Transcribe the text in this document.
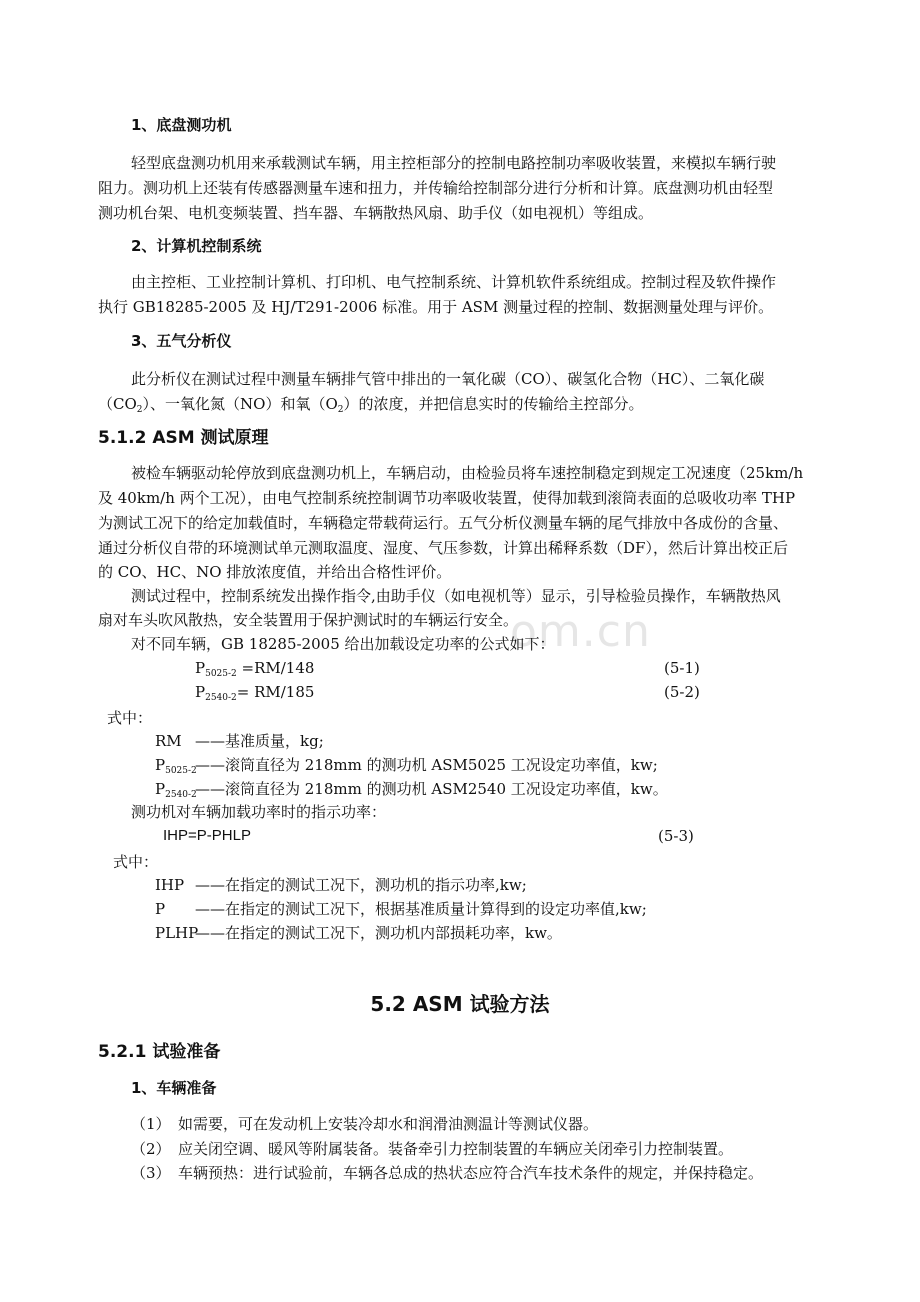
om.cn
1、底盘测功机
轻型底盘测功机用来承载测试车辆，用主控柜部分的控制电路控制功率吸收装置，来模拟车辆行驶
阻力。测功机上还装有传感器测量车速和扭力，并传输给控制部分进行分析和计算。底盘测功机由轻型
测功机台架、电机变频装置、挡车器、车辆散热风扇、助手仪（如电视机）等组成。
2、计算机控制系统
由主控柜、工业控制计算机、打印机、电气控制系统、计算机软件系统组成。控制过程及软件操作
执行 GB18285-2005 及 HJ/T291-2006 标准。用于 ASM 测量过程的控制、数据测量处理与评价。
3、五气分析仪
此分析仪在测试过程中测量车辆排气管中排出的一氧化碳（CO）、碳氢化合物（HC）、二氧化碳
$(CO_2)$、一氧化氮（NO）和氧$(O_2)$的浓度，并把信息实时的传输给主控部分。
5.1.2 ASM 测试原理
被检车辆驱动轮停放到底盘测功机上，车辆启动，由检验员将车速控制稳定到规定工况速度（25km/h
及 40km/h 两个工况），由电气控制系统控制调节功率吸收装置，使得加载到滚筒表面的总吸收功率 THP
为测试工况下的给定加载值时，车辆稳定带载荷运行。五气分析仪测量车辆的尾气排放中各成份的含量、
通过分析仪自带的环境测试单元测取温度、湿度、气压参数，计算出稀释系数（DF），然后计算出校正后
的 CO、HC、NO 排放浓度值，并给出合格性评价。
测试过程中，控制系统发出操作指令,由助手仪（如电视机等）显示，引导检验员操作，车辆散热风
扇对车头吹风散热，安全装置用于保护测试时的车辆运行安全。
对不同车辆，GB 18285-2005 给出加载设定功率的公式如下：
$P_{5025-2} =RM/148$	(5-1)
$P_{2540-2}= RM/185$	(5-2)
式中：
RM ——基准质量，kg;
$P_{5025-2}——$滚筒直径为 218mm 的测功机 ASM5025 工况设定功率值，kw;
$P_{2540-2}——$滚筒直径为 218mm 的测功机 ASM2540 工况设定功率值，kw。
测功机对车辆加载功率时的指示功率：
IHP=P-PHLP	(5-3)
式中：
IHP ——在指定的测试工况下，测功机的指示功率,kw;
P ——在指定的测试工况下，根据基准质量计算得到的设定功率值,kw;
PLHP——在指定的测试工况下，测功机内部损耗功率，kw。
5.2 ASM 试验方法
5.2.1 试验准备
1、车辆准备
（1） 如需要，可在发动机上安装冷却水和润滑油测温计等测试仪器。
（2） 应关闭空调、暖风等附属装备。装备牵引力控制装置的车辆应关闭牵引力控制装置。
（3） 车辆预热：进行试验前，车辆各总成的热状态应符合汽车技术条件的规定，并保持稳定。
